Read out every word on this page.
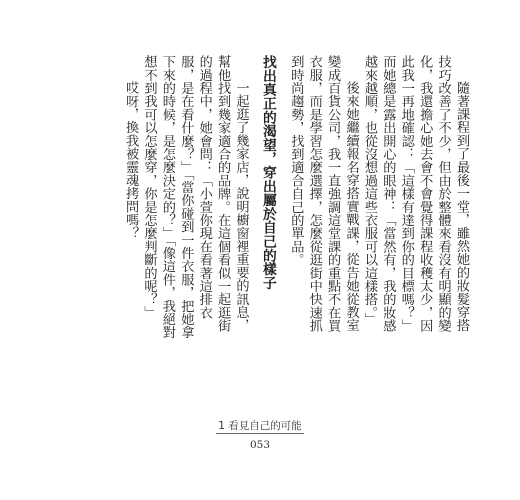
隨著課程到了最後一堂，雖然她的妝髮穿搭技巧改善了不少，但由於整體來看沒有明顯的變化，我還擔心她去會不會覺得課程收穫太少，因此我一再地確認：「這樣有達到你的目標嗎？」而她總是露出開心的眼神：「當然有，我的妝感越來越順，也從沒想過這些衣服可以這樣搭。」

後來她繼續報名穿搭實戰課，從告她從教室變成百貨公司，我一直強調這堂課的重點不在買衣服，而是學習怎麼選擇，怎麼從逛街中快速抓到時尚趨勢，找到適合自己的單品。

找出真正的渴望，穿出屬於自己的樣子

一起逛了幾家店，說明櫥窗裡重要的訊息，幫他找到幾家適合的品牌。在這個看似一起逛街的過程中，她會問：「小萱你現在看著這排衣服，是在看什麼？」「當你碰到一件衣服，把她拿下來的時候，是怎麼決定的？」「像這件，我絕對想不到我可以怎麼穿，你是怎麼判斷的呢？」

哎呀，換我被靈魂拷問嗎？

1 看見自己的可能
053
